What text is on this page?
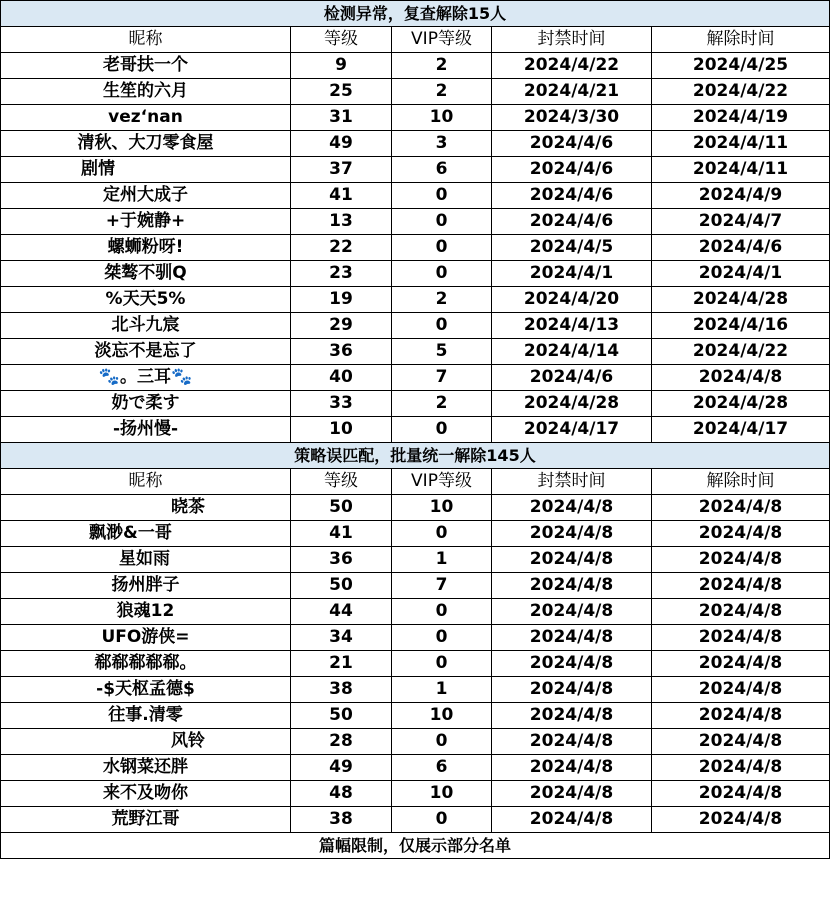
检测异常，复查解除15人				
昵称	等级	VIP等级	封禁时间	解除时间
老哥扶一个	9	2	2024/4/22	2024/4/25
生笙的六月	25	2	2024/4/21	2024/4/22
vez‘nan	31	10	2024/3/30	2024/4/19
清秋、大刀零食屋	49	3	2024/4/6	2024/4/11
剧情	37	6	2024/4/6	2024/4/11
定州大成子	41	0	2024/4/6	2024/4/9
+于婉静+	13	0	2024/4/6	2024/4/7
螺蛳粉呀!	22	0	2024/4/5	2024/4/6
桀骜不驯Q	23	0	2024/4/1	2024/4/1
%天天5%	19	2	2024/4/20	2024/4/28
北斗九宸	29	0	2024/4/13	2024/4/16
淡忘不是忘了	36	5	2024/4/14	2024/4/22
🐾。三耳🐾	40	7	2024/4/6	2024/4/8
奶で柔す	33	2	2024/4/28	2024/4/28
-扬州慢-	10	0	2024/4/17	2024/4/17
策略误匹配，批量统一解除145人				
昵称	等级	VIP等级	封禁时间	解除时间
晓茶	50	10	2024/4/8	2024/4/8
飘渺&一哥	41	0	2024/4/8	2024/4/8
星如雨	36	1	2024/4/8	2024/4/8
扬州胖子	50	7	2024/4/8	2024/4/8
狼魂12	44	0	2024/4/8	2024/4/8
UFO游侠=	34	0	2024/4/8	2024/4/8
郗郗郗郗郗。	21	0	2024/4/8	2024/4/8
-$天枢孟德$	38	1	2024/4/8	2024/4/8
往事.清零	50	10	2024/4/8	2024/4/8
风铃	28	0	2024/4/8	2024/4/8
水钢菜还胖	49	6	2024/4/8	2024/4/8
来不及吻你	48	10	2024/4/8	2024/4/8
荒野江哥	38	0	2024/4/8	2024/4/8
篇幅限制，仅展示部分名单				
